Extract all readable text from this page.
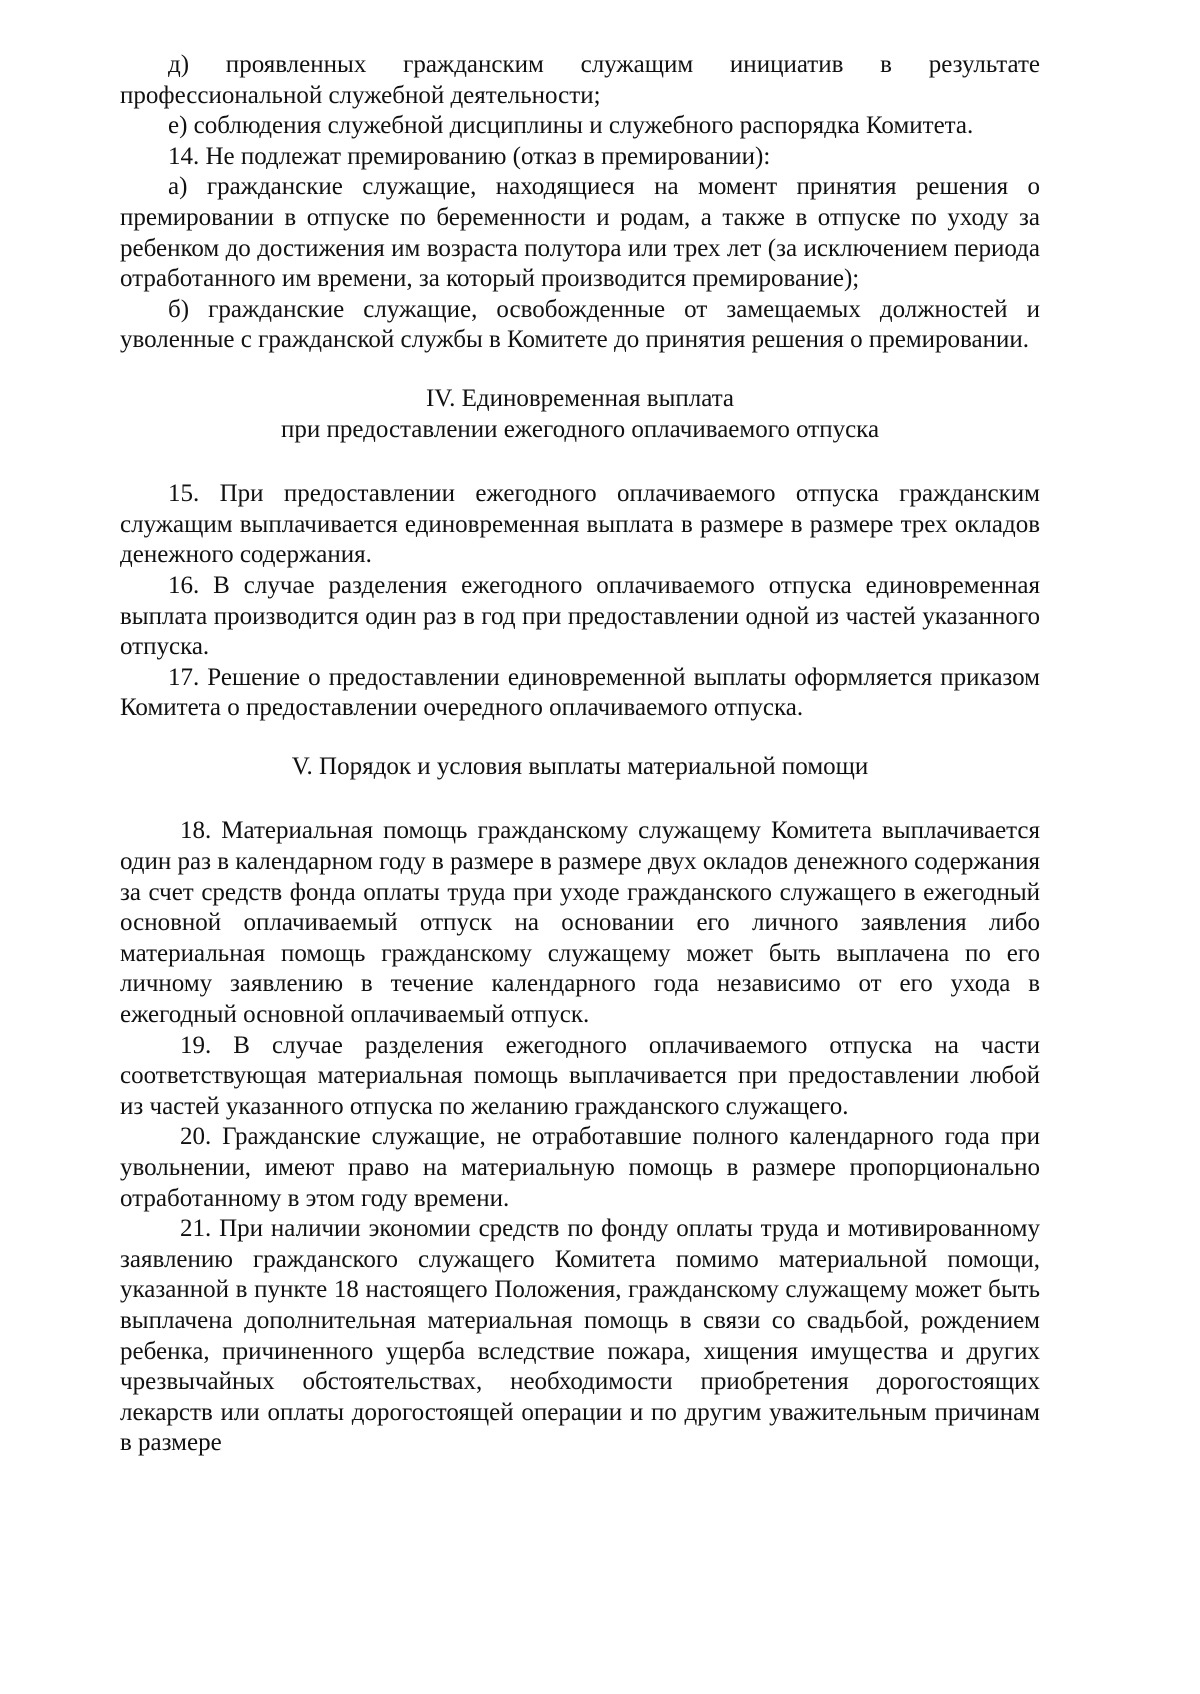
д) проявленных гражданским служащим инициатив в результате профессиональной служебной деятельности;

е) соблюдения служебной дисциплины и служебного распорядка Комитета.

14. Не подлежат премированию (отказ в премировании):

а) гражданские служащие, находящиеся на момент принятия решения о премировании в отпуске по беременности и родам, а также в отпуске по уходу за ребенком до достижения им возраста полутора или трех лет (за исключением периода отработанного им времени, за который производится премирование);

б) гражданские служащие, освобожденные от замещаемых должностей и уволенные с гражданской службы в Комитете до принятия решения о премировании.

IV. Единовременная выплата

при предоставлении ежегодного оплачиваемого отпуска

15. При предоставлении ежегодного оплачиваемого отпуска гражданским служащим выплачивается единовременная выплата в размере в размере трех окладов денежного содержания.

16. В случае разделения ежегодного оплачиваемого отпуска единовременная выплата производится один раз в год при предоставлении одной из частей указанного отпуска.

17. Решение о предоставлении единовременной выплаты оформляется приказом Комитета о предоставлении очередного оплачиваемого отпуска.

V. Порядок и условия выплаты материальной помощи

18. Материальная помощь гражданскому служащему Комитета выплачивается один раз в календарном году в размере в размере двух окладов денежного содержания за счет средств фонда оплаты труда при уходе гражданского служащего в ежегодный основной оплачиваемый отпуск на основании его личного заявления либо материальная помощь гражданскому служащему может быть выплачена по его личному заявлению в течение календарного года независимо от его ухода в ежегодный основной оплачиваемый отпуск.

19. В случае разделения ежегодного оплачиваемого отпуска на части соответствующая материальная помощь выплачивается при предоставлении любой из частей указанного отпуска по желанию гражданского служащего.

20. Гражданские служащие, не отработавшие полного календарного года при увольнении, имеют право на материальную помощь в размере пропорционально отработанному в этом году времени.

21. При наличии экономии средств по фонду оплаты труда и мотивированному заявлению гражданского служащего Комитета помимо материальной помощи, указанной в пункте 18 настоящего Положения, гражданскому служащему может быть выплачена дополнительная материальная помощь в связи со свадьбой, рождением ребенка, причиненного ущерба вследствие пожара, хищения имущества и других чрезвычайных обстоятельствах, необходимости приобретения дорогостоящих лекарств или оплаты дорогостоящей операции и по другим уважительным причинам в размере
